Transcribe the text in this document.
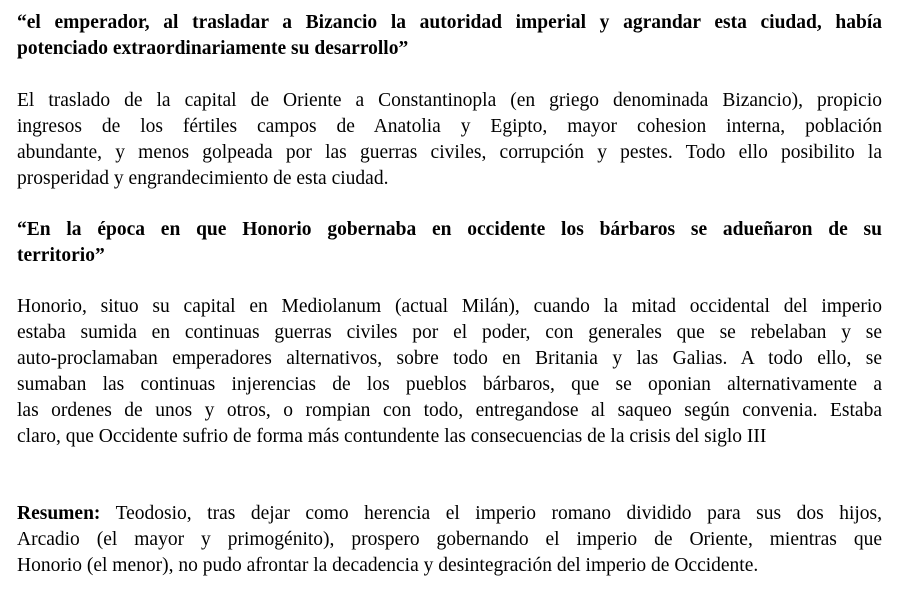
“el emperador, al trasladar a Bizancio la autoridad imperial y agrandar esta ciudad, había
potenciado extraordinariamente su desarrollo”
El traslado de la capital de Oriente a Constantinopla (en griego denominada Bizancio), propicio
ingresos de los fértiles campos de Anatolia y Egipto, mayor cohesion interna, población
abundante, y menos golpeada por las guerras civiles, corrupción y pestes. Todo ello posibilito la
prosperidad y engrandecimiento de esta ciudad.
“En la época en que Honorio gobernaba en occidente los bárbaros se adueñaron de su
territorio”
Honorio, situo su capital en Mediolanum (actual Milán), cuando la mitad occidental del imperio
estaba sumida en continuas guerras civiles por el poder, con generales que se rebelaban y se
auto-proclamaban emperadores alternativos, sobre todo en Britania y las Galias. A todo ello, se
sumaban las continuas injerencias de los pueblos bárbaros, que se oponian alternativamente a
las ordenes de unos y otros, o rompian con todo, entregandose al saqueo según convenia. Estaba
claro, que Occidente sufrio de forma más contundente las consecuencias de la crisis del siglo III
Resumen: Teodosio, tras dejar como herencia el imperio romano dividido para sus dos hijos,
Arcadio (el mayor y primogénito), prospero gobernando el imperio de Oriente, mientras que
Honorio (el menor), no pudo afrontar la decadencia y desintegración del imperio de Occidente.
